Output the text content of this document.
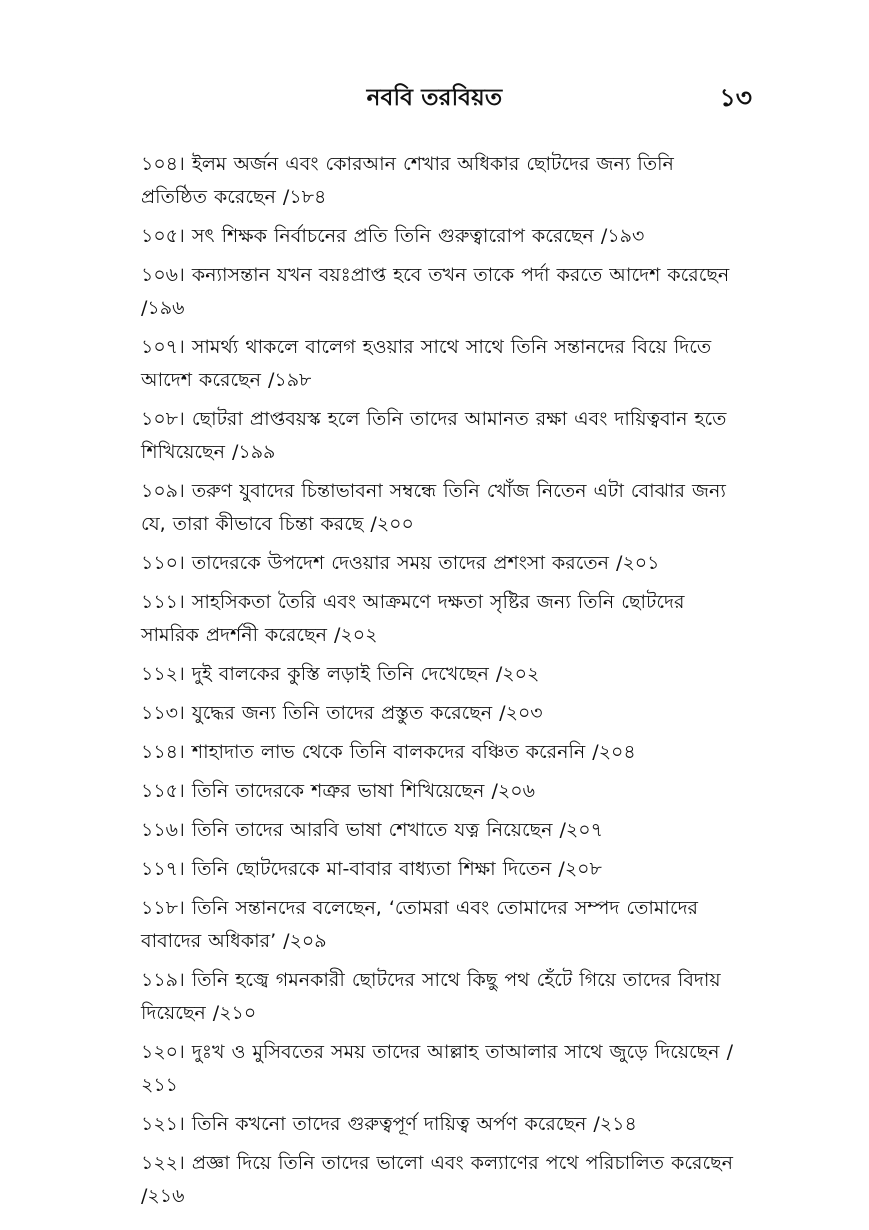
নববি তরবিয়ত	১৩
১০৪। ইলম অর্জন এবং কোরআন শেখার অধিকার ছোটদের জন্য তিনি প্রতিষ্ঠিত করেছেন / ১৮৪
১০৫। সৎ শিক্ষক নির্বাচনের প্রতি তিনি গুরুত্বারোপ করেছেন / ১৯৩
১০৬। কন্যাসন্তান যখন বয়ঃপ্রাপ্ত হবে তখন তাকে পর্দা করতে আদেশ করেছেন / ১৯৬
১০৭। সামর্থ্য থাকলে বালেগ হওয়ার সাথে সাথে তিনি সন্তানদের বিয়ে দিতে আদেশ করেছেন / ১৯৮
১০৮। ছোটরা প্রাপ্তবয়স্ক হলে তিনি তাদের আমানত রক্ষা এবং দায়িত্ববান হতে শিখিয়েছেন / ১৯৯
১০৯। তরুণ যুবাদের চিন্তাভাবনা সম্বন্ধে তিনি খোঁজ নিতেন এটা বোঝার জন্য যে, তারা কীভাবে চিন্তা করছে / ২০০
১১০। তাদেরকে উপদেশ দেওয়ার সময় তাদের প্রশংসা করতেন / ২০১
১১১। সাহসিকতা তৈরি এবং আক্রমণে দক্ষতা সৃষ্টির জন্য তিনি ছোটদের সামরিক প্রদর্শনী করেছেন / ২০২
১১২। দুই বালকের কুস্তি লড়াই তিনি দেখেছেন / ২০২
১১৩। যুদ্ধের জন্য তিনি তাদের প্রস্তুত করেছেন / ২০৩
১১৪। শাহাদাত লাভ থেকে তিনি বালকদের বঞ্চিত করেননি / ২০৪
১১৫। তিনি তাদেরকে শত্রুর ভাষা শিখিয়েছেন / ২০৬
১১৬। তিনি তাদের আরবি ভাষা শেখাতে যত্ন নিয়েছেন / ২০৭
১১৭। তিনি ছোটদেরকে মা-বাবার বাধ্যতা শিক্ষা দিতেন / ২০৮
১১৮। তিনি সন্তানদের বলেছেন, ‘তোমরা এবং তোমাদের সম্পদ তোমাদের বাবাদের অধিকার’ / ২০৯
১১৯। তিনি হজ্বে গমনকারী ছোটদের সাথে কিছু পথ হেঁটে গিয়ে তাদের বিদায় দিয়েছেন / ২১০
১২০। দুঃখ ও মুসিবতের সময় তাদের আল্লাহ তাআলার সাথে জুড়ে দিয়েছেন / ২১১
১২১। তিনি কখনো তাদের গুরুত্বপূর্ণ দায়িত্ব অর্পণ করেছেন / ২১৪
১২২। প্রজ্ঞা দিয়ে তিনি তাদের ভালো এবং কল্যাণের পথে পরিচালিত করেছেন / ২১৬
